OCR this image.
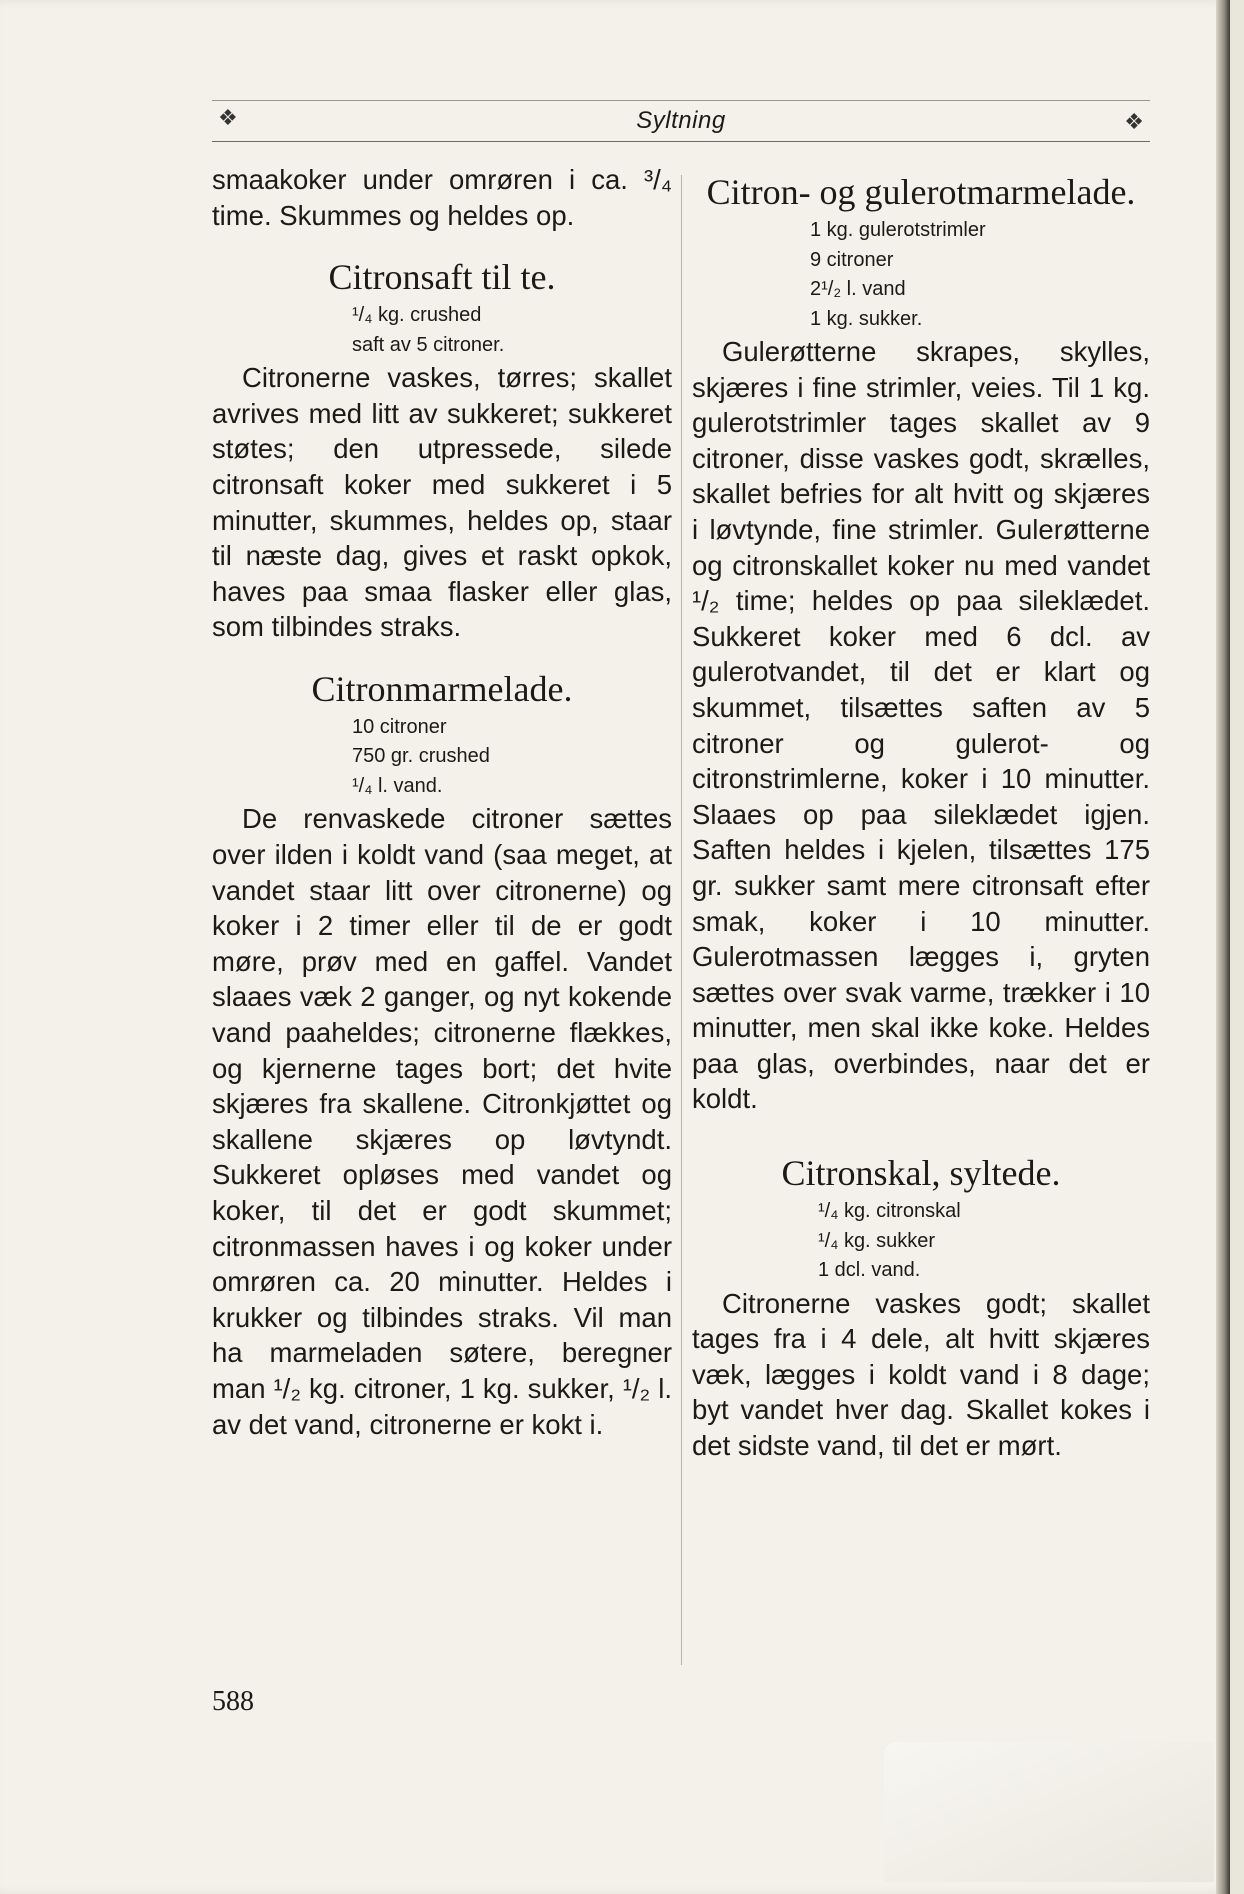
❖	Syltning	❖

smaakoker under omrøren i ca. ³/₄ time. Skummes og heldes op.

Citronsaft til te.
¹/₄ kg. crushed
saft av 5 citroner.

Citronerne vaskes, tørres; skallet avrives med litt av sukkeret; sukkeret støtes; den utpressede, silede citronsaft koker med sukkeret i 5 minutter, skummes, heldes op, staar til næste dag, gives et raskt opkok, haves paa smaa flasker eller glas, som tilbindes straks.

Citronmarmelade.
10 citroner
750 gr. crushed
¹/₄ l. vand.

De renvaskede citroner sættes over ilden i koldt vand (saa meget, at vandet staar litt over citronerne) og koker i 2 timer eller til de er godt møre, prøv med en gaffel. Vandet slaaes væk 2 ganger, og nyt kokende vand paaheldes; citronerne flækkes, og kjernerne tages bort; det hvite skjæres fra skallene. Citronkjøttet og skallene skjæres op løvtyndt. Sukkeret opløses med vandet og koker, til det er godt skummet; citronmassen haves i og koker under omrøren ca. 20 minutter. Heldes i krukker og tilbindes straks. Vil man ha marmeladen søtere, beregner man ¹/₂ kg. citroner, 1 kg. sukker, ¹/₂ l. av det vand, citronerne er kokt i.

Citron- og gulerotmarmelade.
1 kg. gulerotstrimler
9 citroner
2¹/₂ l. vand
1 kg. sukker.

Gulerøtterne skrapes, skylles, skjæres i fine strimler, veies. Til 1 kg. gulerotstrimler tages skallet av 9 citroner, disse vaskes godt, skrælles, skallet befries for alt hvitt og skjæres i løvtynde, fine strimler. Gulerøtterne og citronskallet koker nu med vandet ¹/₂ time; heldes op paa sileklædet. Sukkeret koker med 6 dcl. av gulerotvandet, til det er klart og skummet, tilsættes saften av 5 citroner og gulerot- og citronstrimlerne, koker i 10 minutter. Slaaes op paa sileklædet igjen. Saften heldes i kjelen, tilsættes 175 gr. sukker samt mere citronsaft efter smak, koker i 10 minutter. Gulerotmassen lægges i, gryten sættes over svak varme, trækker i 10 minutter, men skal ikke koke. Heldes paa glas, overbindes, naar det er koldt.

Citronskal, syltede.
¹/₄ kg. citronskal
¹/₄ kg. sukker
1 dcl. vand.

Citronerne vaskes godt; skallet tages fra i 4 dele, alt hvitt skjæres væk, lægges i koldt vand i 8 dage; byt vandet hver dag. Skallet kokes i det sidste vand, til det er mørt.

588
